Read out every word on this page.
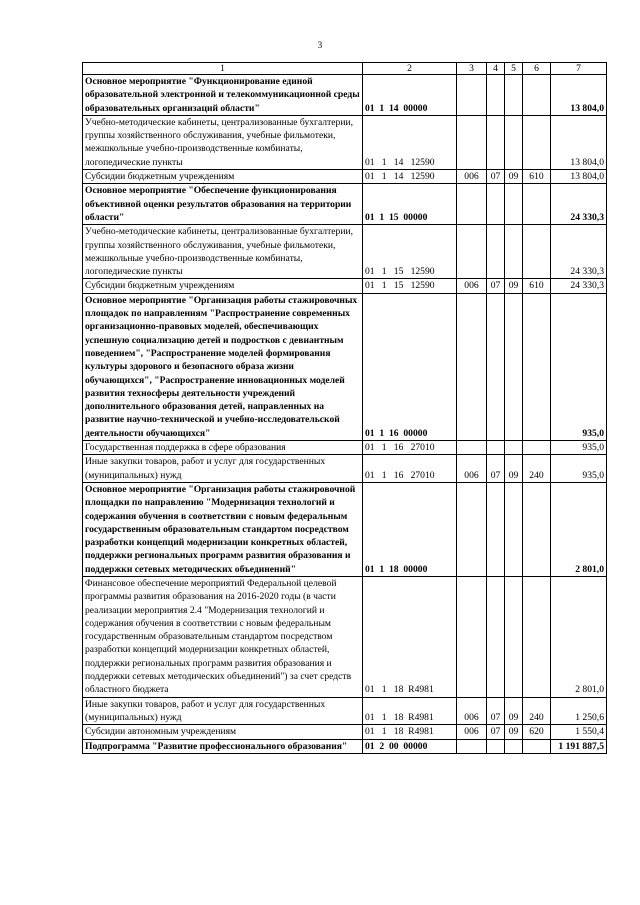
3
1	2	3	4	5	6	7
Основное мероприятие "Функционирование единой образовательной электронной и телекоммуникационной среды образовательных организаций области"	01  1  14  00000					13 804,0
Учебно-методические кабинеты, централизованные бухгалтерии, группы хозяйственного обслуживания, учебные фильмотеки, межшкольные учебно-производственные комбинаты, логопедические пункты	01   1   14   12590					13 804,0
Субсидии бюджетным учреждениям	01   1   14   12590	006	07	09	610	13 804,0
Основное мероприятие "Обеспечение функционирования объективной оценки результатов образования на территории области"	01  1  15  00000					24 330,3
Учебно-методические кабинеты, централизованные бухгалтерии, группы хозяйственного обслуживания, учебные фильмотеки, межшкольные учебно-производственные комбинаты, логопедические пункты	01   1   15   12590					24 330,3
Субсидии бюджетным учреждениям	01   1   15   12590	006	07	09	610	24 330,3
Основное мероприятие "Организация работы стажировочных площадок по направлениям "Распространение современных организационно-правовых моделей, обеспечивающих успешную социализацию детей и подростков с девиантным поведением", "Распространение моделей формирования культуры здорового и безопасного образа жизни обучающихся", "Распространение инновационных моделей развития техносферы деятельности учреждений дополнительного образования детей, направленных на развитие научно-технической и учебно-исследовательской деятельности обучающихся"	01  1  16  00000					935,0
Государственная поддержка в сфере образования	01   1   16   27010					935,0
Иные закупки товаров, работ и услуг для государственных (муниципальных) нужд	01   1   16   27010	006	07	09	240	935,0
Основное мероприятие "Организация работы стажировочной площадки по направлению "Модернизация технологий и содержания обучения в соответствии с новым федеральным государственным образовательным стандартом посредством разработки концепций модернизации конкретных областей, поддержки региональных программ развития образования и поддержки сетевых методических объединений"	01  1  18  00000					2 801,0
Финансовое обеспечение мероприятий Федеральной целевой программы развития образования на 2016-2020 годы (в части реализации мероприятия 2.4 "Модернизация технологий и содержания обучения в соответствии с новым федеральным государственным образовательным стандартом посредством разработки концепций модернизации конкретных областей, поддержки региональных программ развития образования и поддержки сетевых методических объединений") за счет средств областного бюджета	01   1   18  R4981					2 801,0
Иные закупки товаров, работ и услуг для государственных (муниципальных) нужд	01   1   18  R4981	006	07	09	240	1 250,6
Субсидии автономным учреждениям	01   1   18  R4981	006	07	09	620	1 550,4
Подпрограмма "Развитие профессионального образования"	01  2  00  00000					1 191 887,5
